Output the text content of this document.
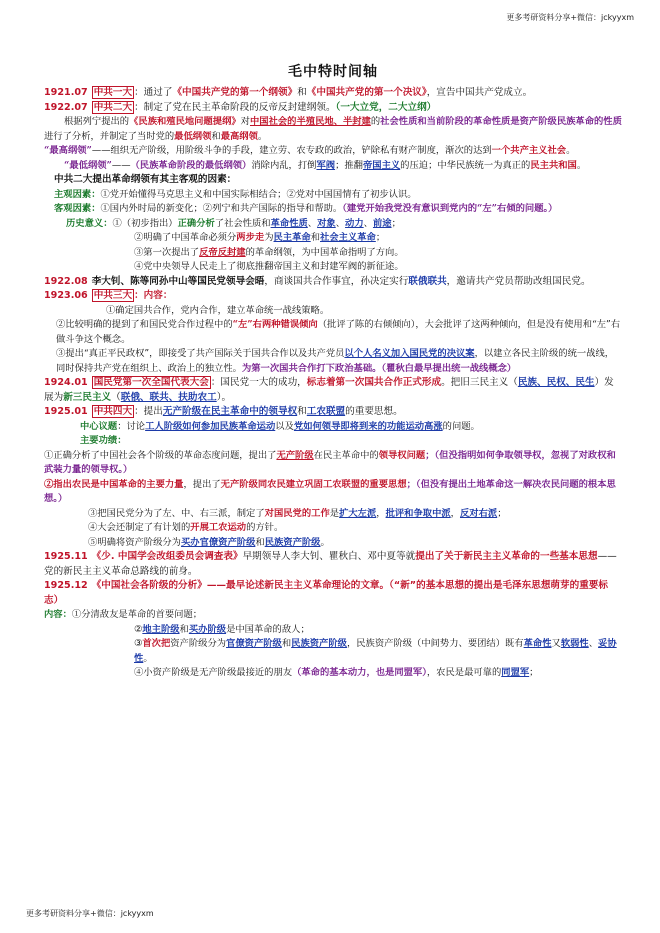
更多考研资料分享+微信：jckyyxm
毛中特时间轴
1921.07 中共一大 ：通过了《中国共产党的第一个纲领》和《中国共产党的第一个决议》，宣告中国共产党成立。
1922.07 中共二大 ：制定了党在民主革命阶段的反帝反封建纲领。（一大立党，二大立纲）
根据列宁提出的《民族和殖民地问题提纲》对中国社会的半殖民地、半封建的社会性质和当前阶段的革命性质是资产阶级民族革命的性质进行了分析，并制定了当时党的最低纲领和最高纲领。
“最高纲领”——组织无产阶级，用阶级斗争的手段，建立劳、农专政的政治，铲除私有财产制度，渐次的达到一个共产主义社会。
“最低纲领”——（民族革命阶段的最低纲领）消除内乱，打倒军阀；推翻帝国主义的压迫；中华民族统一为真正的民主共和国。
中共二大提出革命纲领有其主客观的因素：
主观因素：①党开始懂得马克思主义和中国实际相结合；②党对中国国情有了初步认识。
客观因素：①国内外时局的新变化；②列宁和共产国际的指导和帮助。（建党开始我党没有意识到党内的“左”右倾的问题。）
历史意义：①（初步指出）正确分析了社会性质和革命性质、对象、动力、前途；
②明确了中国革命必须分两步走为民主革命和社会主义革命；
③第一次提出了反帝反封建的革命纲领，为中国革命指明了方向。
④党中央领导人民走上了彻底推翻帝国主义和封建军阀的新征途。
1922.08 李大钊、陈等同孙中山等国民党领导会晤，商谈国共合作事宜，孙决定实行联俄联共，邀请共产党员帮助改组国民党。
1923.06 中共三大 ：内容：
①确定国共合作，党内合作，建立革命统一战线策略。
②比较明确的提到了和国民党合作过程中的“左”右两种错误倾向（批评了陈的右倾倾向），大会批评了这两种倾向，但是没有使用和“左”右做斗争这个概念。
③提出“真正平民政权”，即接受了共产国际关于国共合作以及共产党员以个人名义加入国民党的决议案，以建立各民主阶级的统一战线，同时保持共产党在组织上、政治上的独立性。为第一次国共合作打下政治基础。（瞿秋白最早提出统一战线概念）
1924.01 国民党第一次全国代表大会 ：国民党一大的成功，标志着第一次国共合作正式形成。把旧三民主义（民族、民权、民生）发展为新三民主义（联俄、联共、扶助农工）。
1925.01 中共四大 ：提出无产阶级在民主革命中的领导权和工农联盟的重要思想。
中心议题：讨论工人阶级如何参加民族革命运动以及党如何领导即将到来的功能运动高涨的问题。
主要功绩：
①正确分析了中国社会各个阶级的革命态度问题，提出了无产阶级在民主革命中的领导权问题；（但没指明如何争取领导权，忽视了对政权和武装力量的领导权。）
②指出农民是中国革命的主要力量，提出了无产阶级同农民建立巩固工农联盟的重要思想；（但没有提出土地革命这一解决农民问题的根本思想。）
③把国民党分为了左、中、右三派，制定了对国民党的工作是扩大左派，批评和争取中派，反对右派；
④大会还制定了有计划的开展工农运动的方针。
⑤明确将资产阶级分为买办官僚资产阶级和民族资产阶级。
1925.11 《少. 中国学会改组委员会调查表》早期领导人李大钊、瞿秋白、邓中夏等就提出了关于新民主主义革命的一些基本思想——党的新民主主义革命总路线的前身。
1925.12 《中国社会各阶级的分析》——最早论述新民主主义革命理论的文章。（“新”的基本思想的提出是毛泽东思想萌芽的重要标志）
内容：①分清敌友是革命的首要问题；
②地主阶级和买办阶级是中国革命的敌人；
③首次把资产阶级分为官僚资产阶级和民族资产阶级，民族资产阶级（中间势力、要团结）既有革命性又软弱性、妥协性。
④小资产阶级是无产阶级最接近的朋友（革命的基本动力，也是同盟军），农民是最可靠的同盟军；
更多考研资料分享+微信：jckyyxm
